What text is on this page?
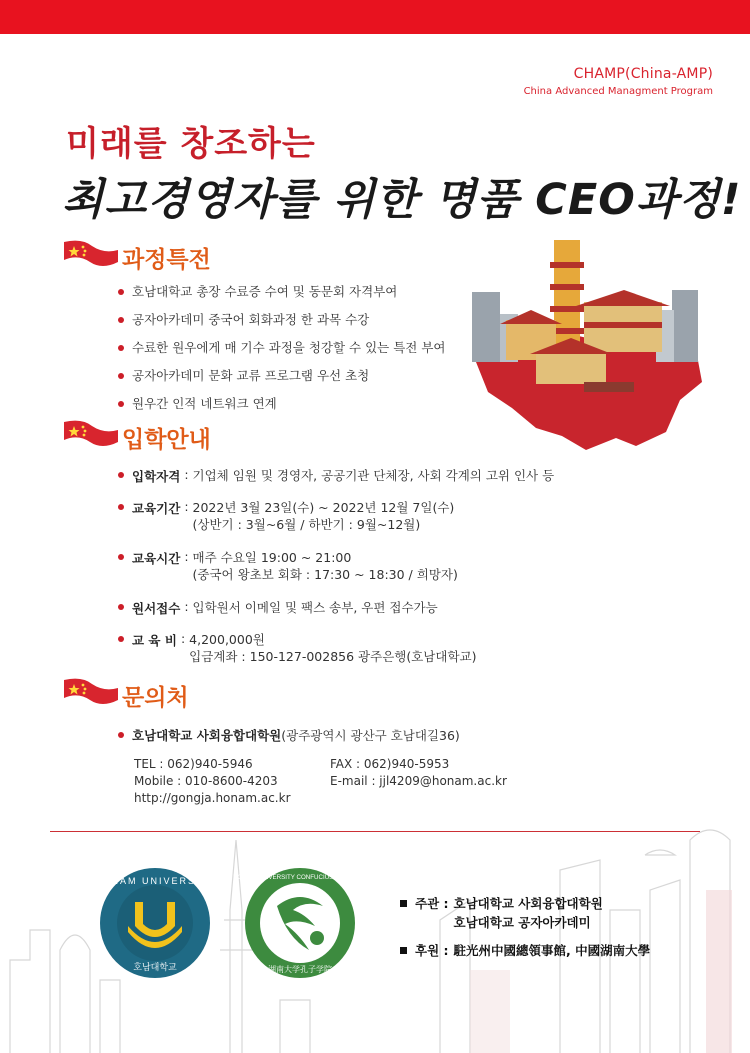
CHAMP(China-AMP)
China Advanced Managment Program
미래를 창조하는
최고경영자를 위한 명품 CEO과정!
과정특전
호남대학교 총장 수료증 수여 및 동문회 자격부여
공자아카데미 중국어 회화과정 한 과목 수강
수료한 원우에게 매 기수 과정을 청강할 수 있는 특전 부여
공자아카데미 문화 교류 프로그램 우선 초청
원우간 인적 네트워크 연계
입학안내
입학자격 : 기업체 임원 및 경영자, 공공기관 단체장, 사회 각계의 고위 인사 등
교육기간 : 2022년 3월 23일(수) ~ 2022년 12월 7일(수)
(상반기 : 3월~6월 / 하반기 : 9월~12월)
교육시간 : 매주 수요일 19:00 ~ 21:00
(중국어 왕초보 회화 : 17:30 ~ 18:30 / 희망자)
원서접수 : 입학원서 이메일 및 팩스 송부, 우편 접수가능
교 육 비 : 4,200,000원
입금계좌 : 150-127-002856 광주은행(호남대학교)
문의처
호남대학교 사회융합대학원 (광주광역시 광산구 호남대길36)
TEL : 062)940-5946
Mobile : 010-8600-4203
http://gongja.honam.ac.kr
FAX : 062)940-5953
E-mail : jjl4209@honam.ac.kr
HONAM UNIVERSITY
호남대학교
HONAM UNIVERSITY CONFUCIUS INSTITUTE
湖南大学孔子学院
주관 : 호남대학교 사회융합대학원
호남대학교 공자아카데미
후원 : 駐光州中國總領事館, 中國湖南大學
